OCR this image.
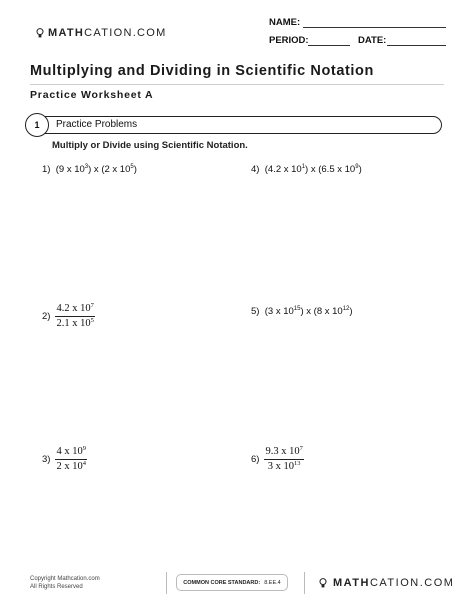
MATH CATION.COM
NAME:
PERIOD:	DATE:
Multiplying and Dividing in Scientific Notation
Practice Worksheet A
1	Practice Problems
Multiply or Divide using Scientific Notation.
1) (9 x $10^3$) x (2 x $10^5$)	4) (4.2 x $10^1$) x (6.5 x $10^9$)
$2) \frac{4.2 x 10^7}{2.1 x 10^5}$	5) (3 x $10^{15}$) x (8 x $10^{12}$)
$3) \frac{4 x 10^9}{2 x 10^4}$	$6) \frac{9.3 x 10^7}{3 x 10^{13}}$
Copyright Mathcation.com
All Rights Reserved
COMMON CORE STANDARD: 8.EE.4	MATH CATION.COM
